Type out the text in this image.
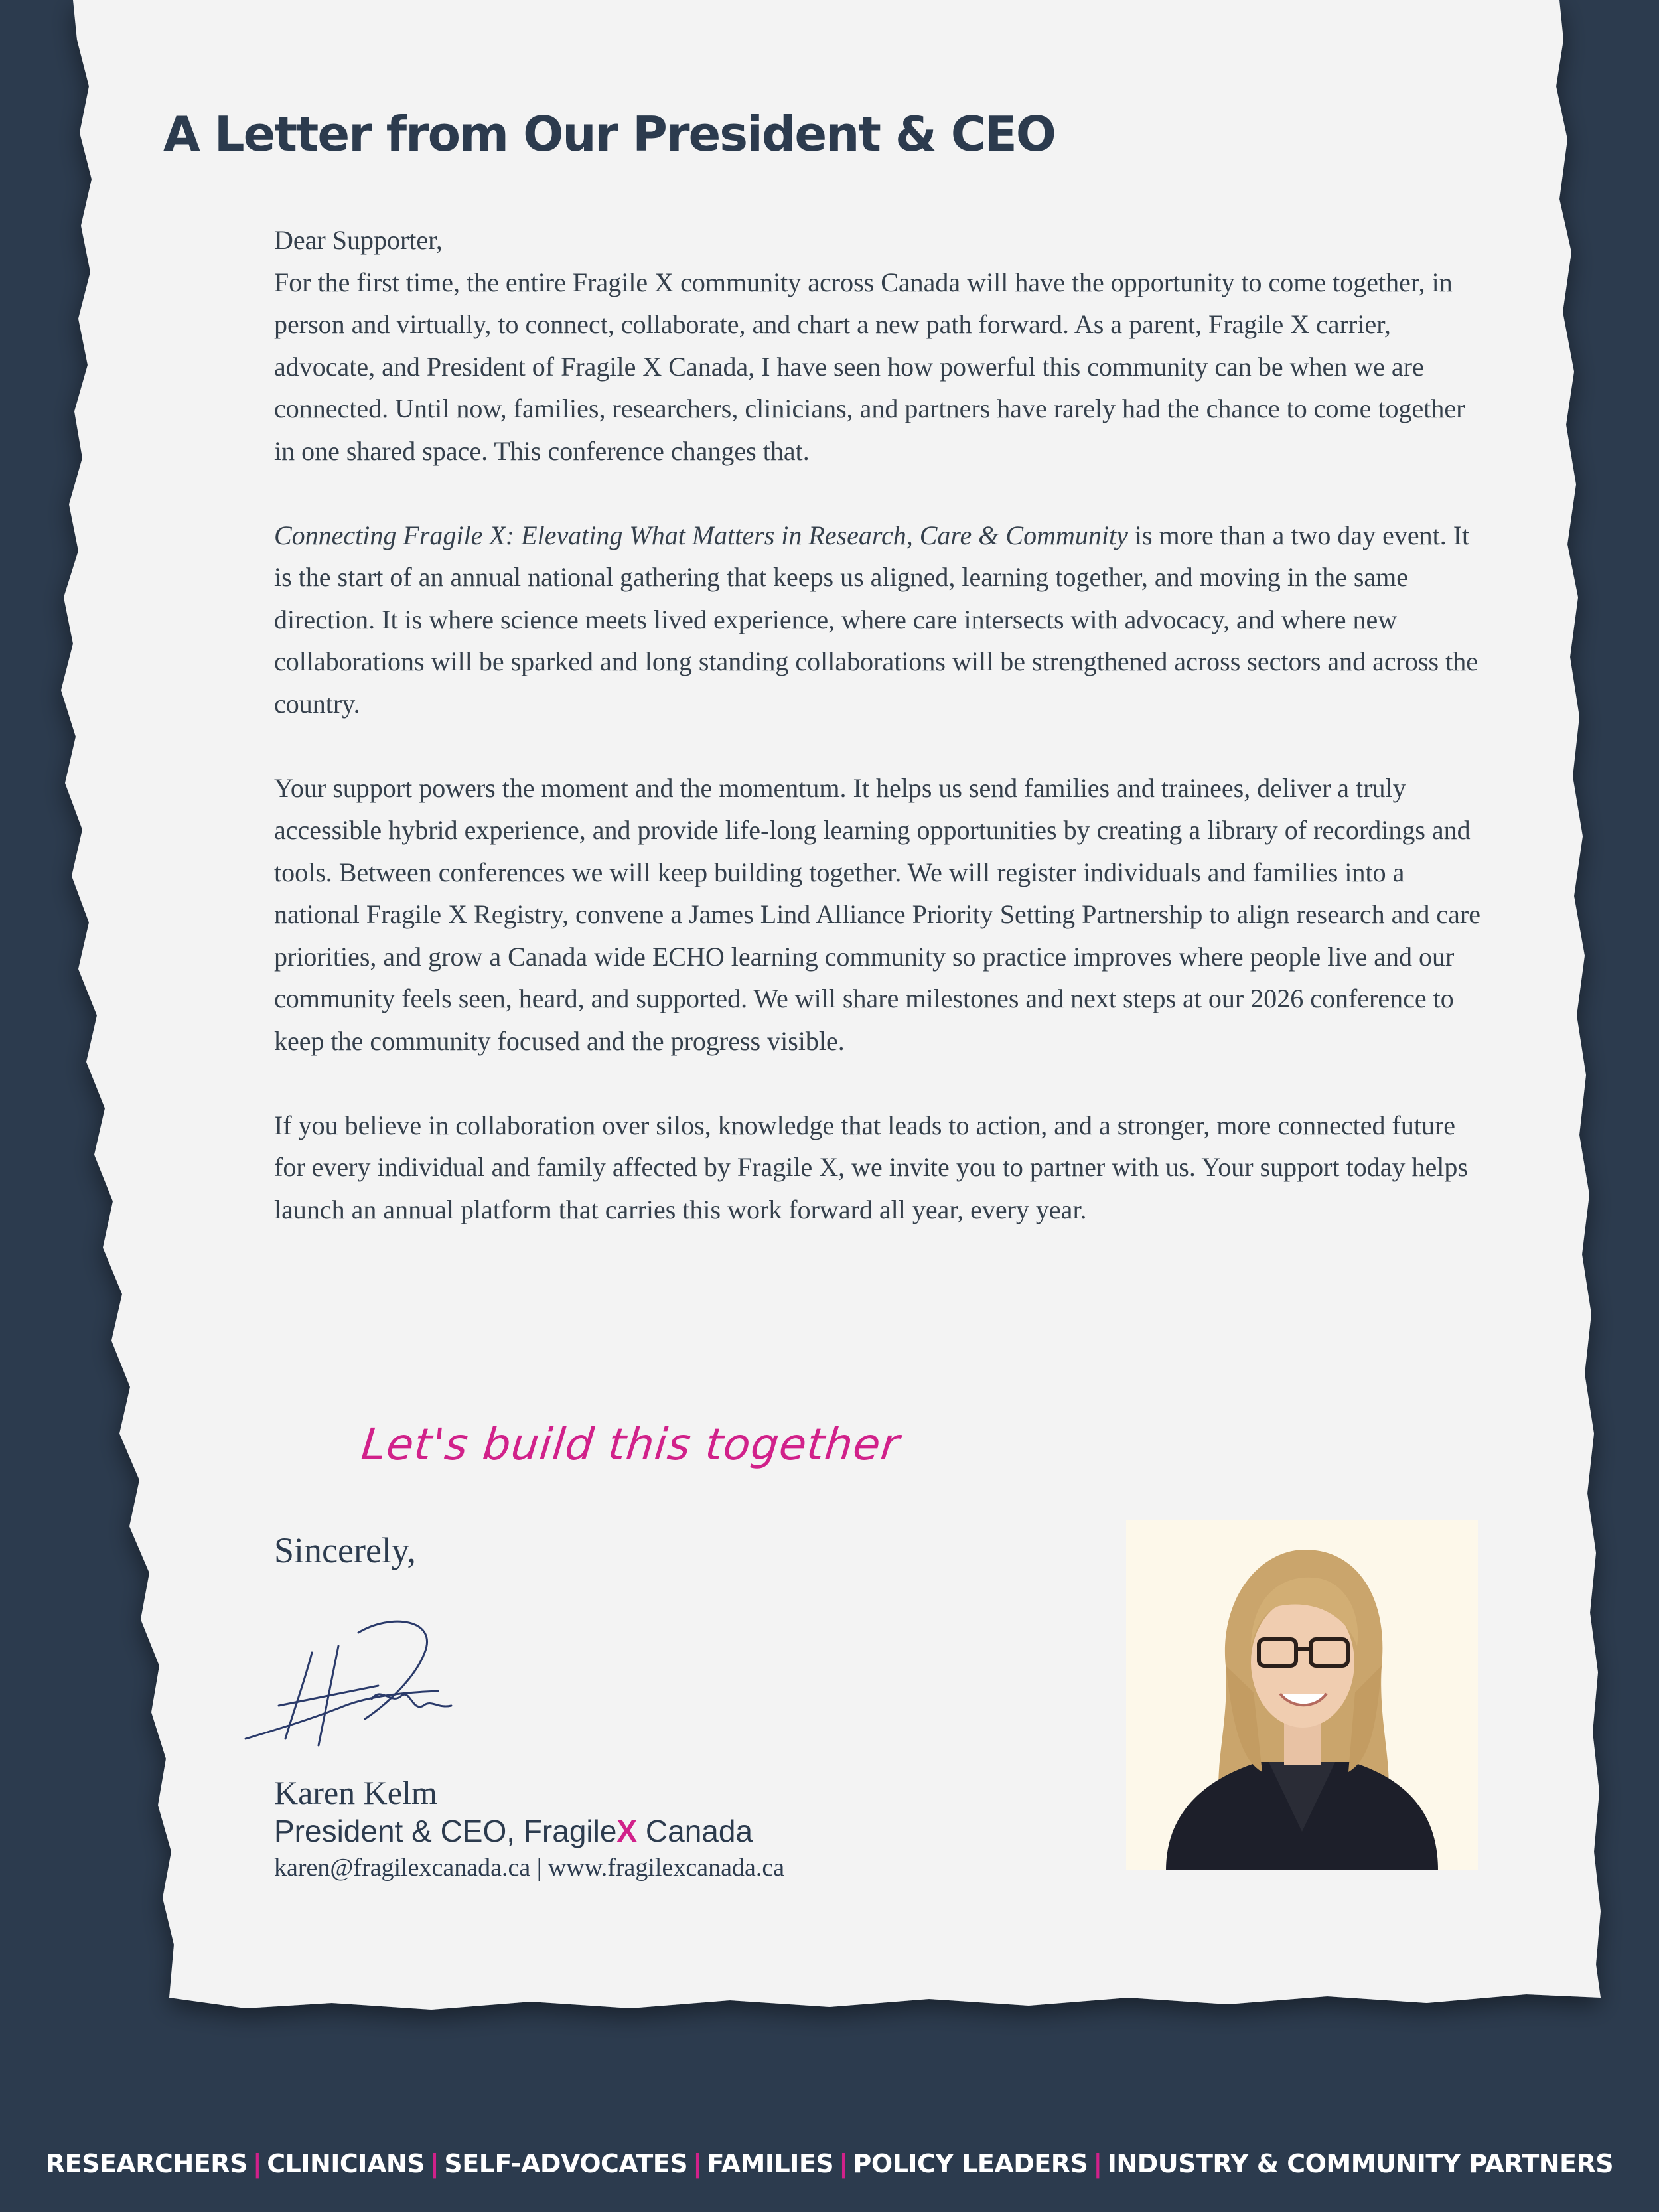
A Letter from Our President & CEO

Dear Supporter,

For the first time, the entire Fragile X community across Canada will have the opportunity to come together, in person and virtually, to connect, collaborate, and chart a new path forward. As a parent, Fragile X carrier, advocate, and President of Fragile X Canada, I have seen how powerful this community can be when we are connected. Until now, families, researchers, clinicians, and partners have rarely had the chance to come together in one shared space. This conference changes that.

Connecting Fragile X: Elevating What Matters in Research, Care & Community is more than a two day event. It is the start of an annual national gathering that keeps us aligned, learning together, and moving in the same direction. It is where science meets lived experience, where care intersects with advocacy, and where new collaborations will be sparked and long standing collaborations will be strengthened across sectors and across the country.

Your support powers the moment and the momentum. It helps us send families and trainees, deliver a truly accessible hybrid experience, and provide life-long learning opportunities by creating a library of recordings and tools. Between conferences we will keep building together. We will register individuals and families into a national Fragile X Registry, convene a James Lind Alliance Priority Setting Partnership to align research and care priorities, and grow a Canada wide ECHO learning community so practice improves where people live and our community feels seen, heard, and supported. We will share milestones and next steps at our 2026 conference to keep the community focused and the progress visible.

If you believe in collaboration over silos, knowledge that leads to action, and a stronger, more connected future for every individual and family affected by Fragile X, we invite you to partner with us. Your support today helps launch an annual platform that carries this work forward all year, every year.

Let's build this together
Sincerely,
Karen Kelm
President & CEO, FragileX Canada
karen@fragilexcanada.ca | www.fragilexcanada.ca
RESEARCHERS | CLINICIANS | SELF-ADVOCATES | FAMILIES | POLICY LEADERS | INDUSTRY & COMMUNITY PARTNERS
